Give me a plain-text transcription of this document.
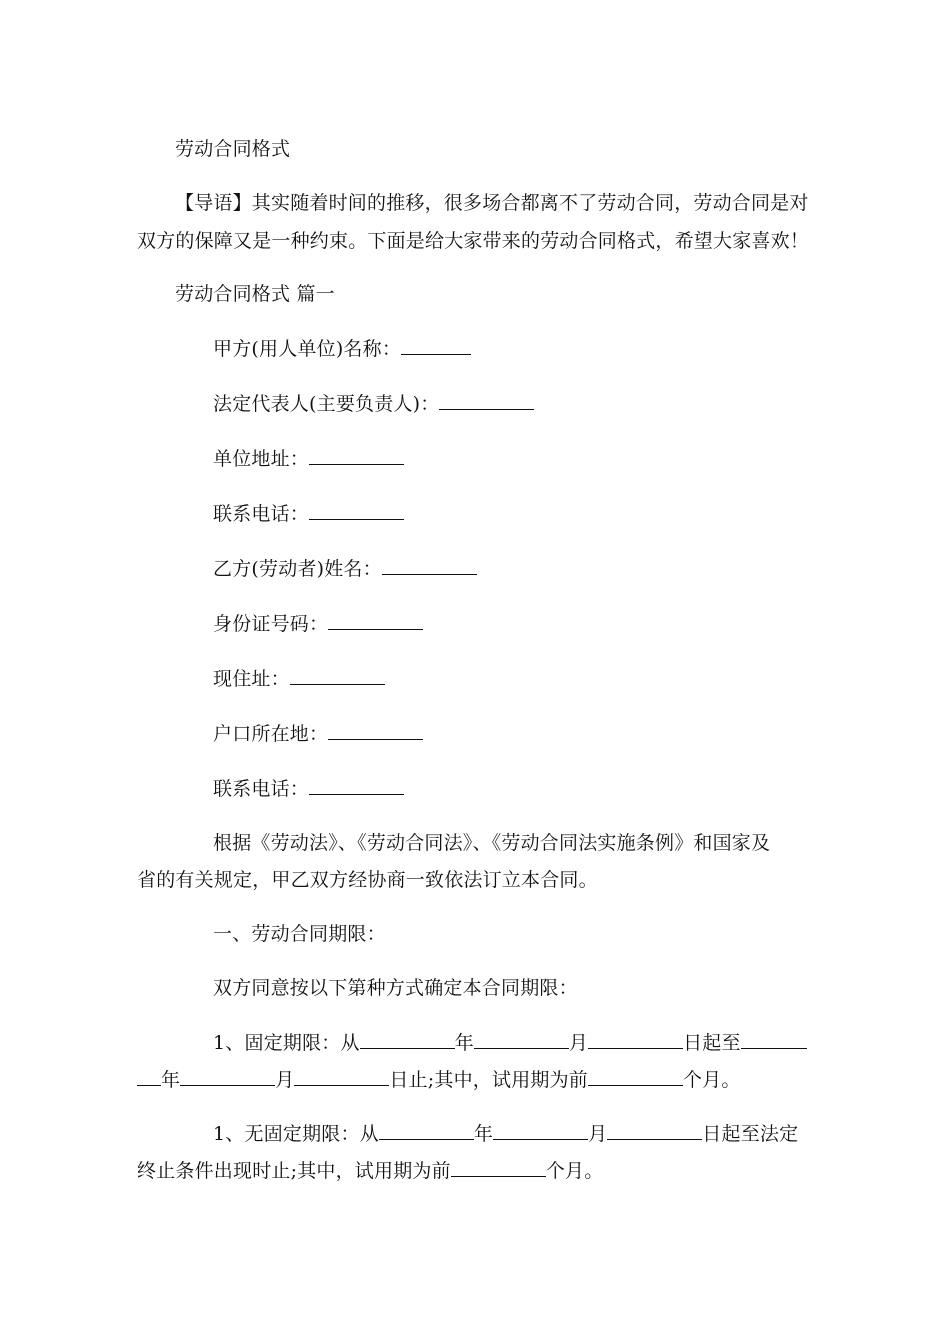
劳动合同格式
【导语】其实随着时间的推移，很多场合都离不了劳动合同，劳动合同是对
双方的保障又是一种约束。下面是给大家带来的劳动合同格式，希望大家喜欢！
劳动合同格式 篇一
甲方(用人单位)名称：
法定代表人(主要负责人)：
单位地址：
联系电话：
乙方(劳动者)姓名：
身份证号码：
现住址：
户口所在地：
联系电话：
根据《劳动法》、《劳动合同法》、《劳动合同法实施条例》和国家及
省的有关规定，甲乙双方经协商一致依法订立本合同。
一、劳动合同期限：
双方同意按以下第种方式确定本合同期限：
1、固定期限：从	年	月	日起至
年	月	日止;其中，试用期为前	个月。
1、无固定期限：从	年	月	日起至法定
终止条件出现时止;其中，试用期为前	个月。
